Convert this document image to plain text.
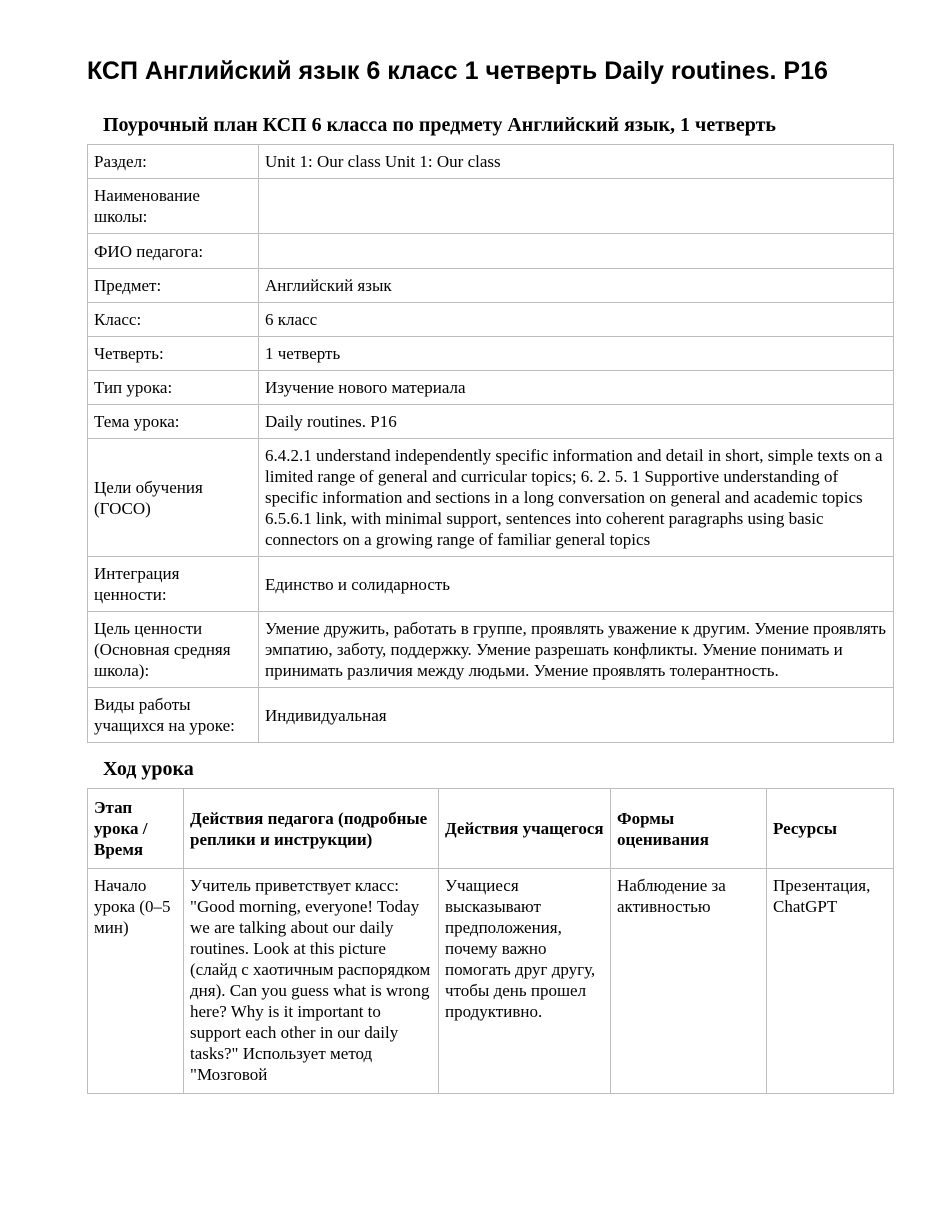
КСП Английский язык 6 класс 1 четверть Daily routines. P16
Поурочный план КСП 6 класса по предмету Английский язык, 1 четверть
Раздел:	Unit 1: Our class Unit 1: Our class
Наименование школы:	
ФИО педагога:	
Предмет:	Английский язык
Класс:	6 класс
Четверть:	1 четверть
Тип урока:	Изучение нового материала
Тема урока:	Daily routines. P16
Цели обучения (ГОСО)	6.4.2.1 understand independently specific information and detail in short, simple texts on a limited range of general and curricular topics; 6. 2. 5. 1 Supportive understanding of specific information and sections in a long conversation on general and academic topics 6.5.6.1 link, with minimal support, sentences into coherent paragraphs using basic connectors on a growing range of familiar general topics
Интеграция ценности:	Единство и солидарность
Цель ценности (Основная средняя школа):	Умение дружить, работать в группе, проявлять уважение к другим. Умение проявлять эмпатию, заботу, поддержку. Умение разрешать конфликты. Умение понимать и принимать различия между людьми. Умение проявлять толерантность.
Виды работы учащихся на уроке:	Индивидуальная
Ход урока
Этап урока / Время	Действия педагога (подробные реплики и инструкции)	Действия учащегося	Формы оценивания	Ресурсы
Начало урока (0–5 мин)	Учитель приветствует класс: "Good morning, everyone! Today we are talking about our daily routines. Look at this picture (слайд с хаотичным распорядком дня). Can you guess what is wrong here? Why is it important to support each other in our daily tasks?" Использует метод "Мозговой	Учащиеся высказывают предположения, почему важно помогать друг другу, чтобы день прошел продуктивно.	Наблюдение за активностью	Презентация, ChatGPT
